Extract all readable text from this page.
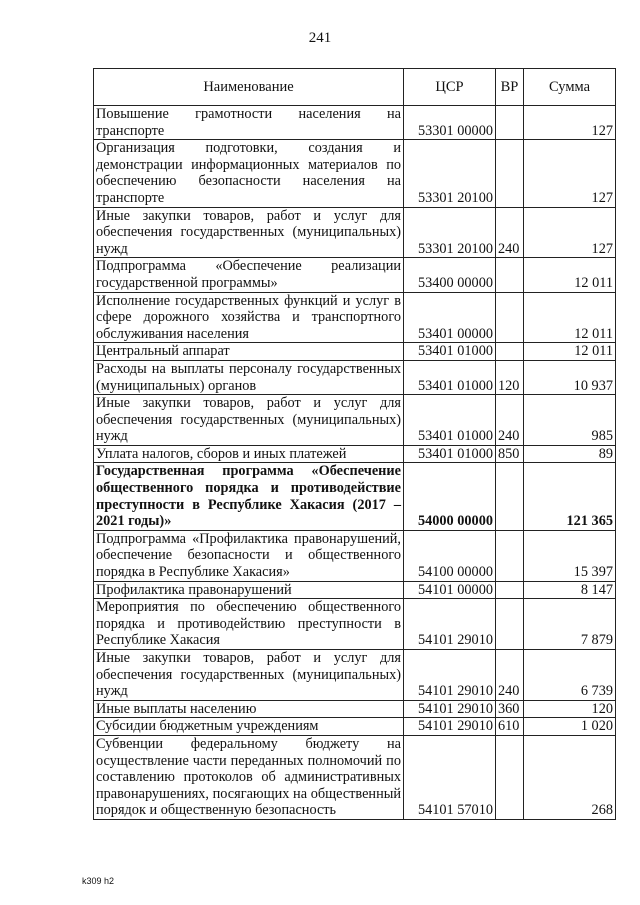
241
Наименование	ЦСР	ВР	Сумма
Повышение грамотности населения на транспорте	53301 00000		127
Организация подготовки, создания и демонстрации информационных материалов по обеспечению безопасности населения на транспорте	53301 20100		127
Иные закупки товаров, работ и услуг для обеспечения государственных (муниципальных) нужд	53301 20100	240	127
Подпрограмма «Обеспечение реализации государственной программы»	53400 00000		12 011
Исполнение государственных функций и услуг в сфере дорожного хозяйства и транспортного обслуживания населения	53401 00000		12 011
Центральный аппарат	53401 01000		12 011
Расходы на выплаты персоналу государственных (муниципальных) органов	53401 01000	120	10 937
Иные закупки товаров, работ и услуг для обеспечения государственных (муниципальных) нужд	53401 01000	240	985
Уплата налогов, сборов и иных платежей	53401 01000	850	89
Государственная программа «Обеспечение общественного порядка и противодействие преступности в Республике Хакасия (2017 – 2021 годы)»	54000 00000		121 365
Подпрограмма «Профилактика правонарушений, обеспечение безопасности и общественного порядка в Республике Хакасия»	54100 00000		15 397
Профилактика правонарушений	54101 00000		8 147
Мероприятия по обеспечению общественного порядка и противодействию преступности в Республике Хакасия	54101 29010		7 879
Иные закупки товаров, работ и услуг для обеспечения государственных (муниципальных) нужд	54101 29010	240	6 739
Иные выплаты населению	54101 29010	360	120
Субсидии бюджетным учреждениям	54101 29010	610	1 020
Субвенции федеральному бюджету на осуществление части переданных полномочий по составлению протоколов об административных правонарушениях, посягающих на общественный порядок и общественную безопасность	54101 57010		268
k309 h2
